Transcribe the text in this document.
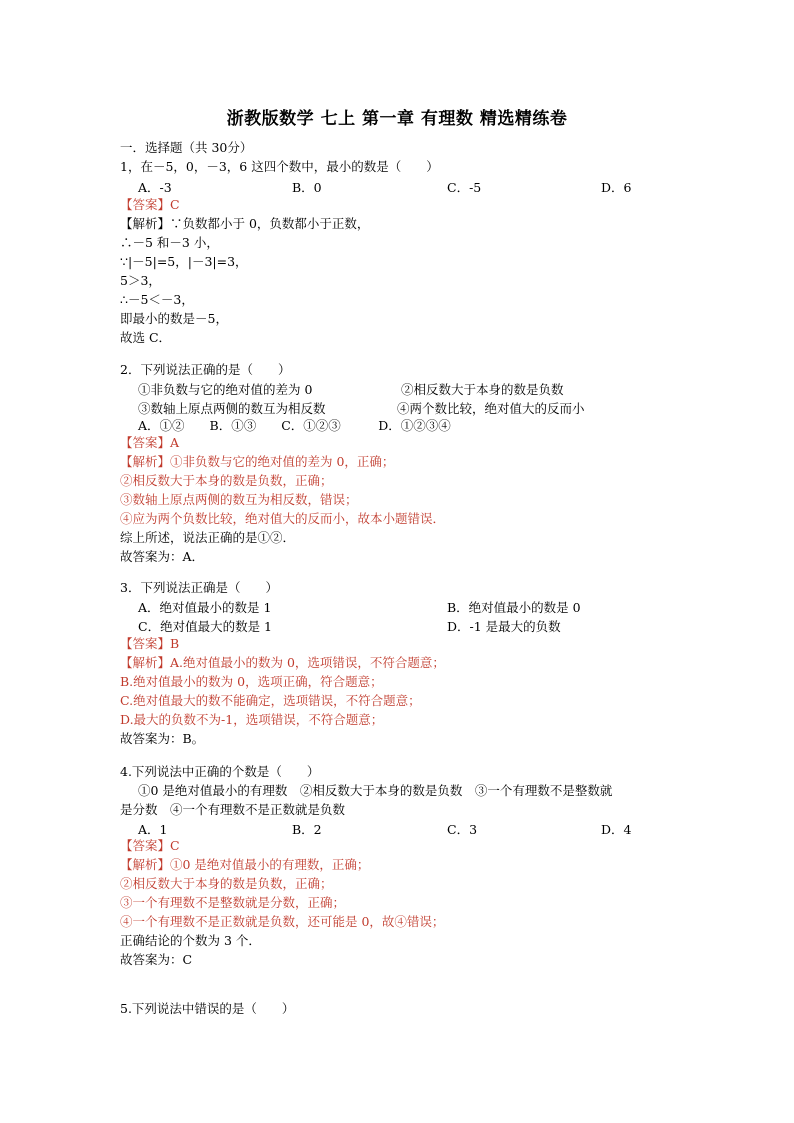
浙教版数学 七上 第一章 有理数 精选精练卷
一．选择题（共 30分）
1，在－5，0，－3，6 这四个数中，最小的数是（　　）
A．-3	B．0	C．-5	D．6
【答案】C
【解析】∵负数都小于 0，负数都小于正数，
∴－5 和－3 小，
∵|－5|=5，|－3|=3，
5＞3，
∴－5＜－3，
即最小的数是－5，
故选 C．
2．下列说法正确的是（　　）
①非负数与它的绝对值的差为 0	②相反数大于本身的数是负数
③数轴上原点两侧的数互为相反数	④两个数比较，绝对值大的反而小
A．①②　　B．①③　　C．①②③　　　D．①②③④
【答案】A
【解析】①非负数与它的绝对值的差为 0，正确；
②相反数大于本身的数是负数，正确；
③数轴上原点两侧的数互为相反数，错误；
④应为两个负数比较，绝对值大的反而小，故本小题错误．
综上所述，说法正确的是①②．
故答案为：A．
3．下列说法正确是（　　）
A．绝对值最小的数是 1	B．绝对值最小的数是 0
C．绝对值最大的数是 1	D．-1 是最大的负数
【答案】B
【解析】A.绝对值最小的数为 0，选项错误，不符合题意；
B.绝对值最小的数为 0，选项正确，符合题意；
C.绝对值最大的数不能确定，选项错误，不符合题意；
D.最大的负数不为-1，选项错误，不符合题意；
故答案为：B。
4.下列说法中正确的个数是（　　）
①0 是绝对值最小的有理数　②相反数大于本身的数是负数　③一个有理数不是整数就
是分数　④一个有理数不是正数就是负数
A．1	B．2	C．3	D．4
【答案】C
【解析】①0 是绝对值最小的有理数，正确；
②相反数大于本身的数是负数，正确；
③一个有理数不是整数就是分数，正确；
④一个有理数不是正数就是负数，还可能是 0，故④错误；
正确结论的个数为 3 个．
故答案为：C
5.下列说法中错误的是（　　）
